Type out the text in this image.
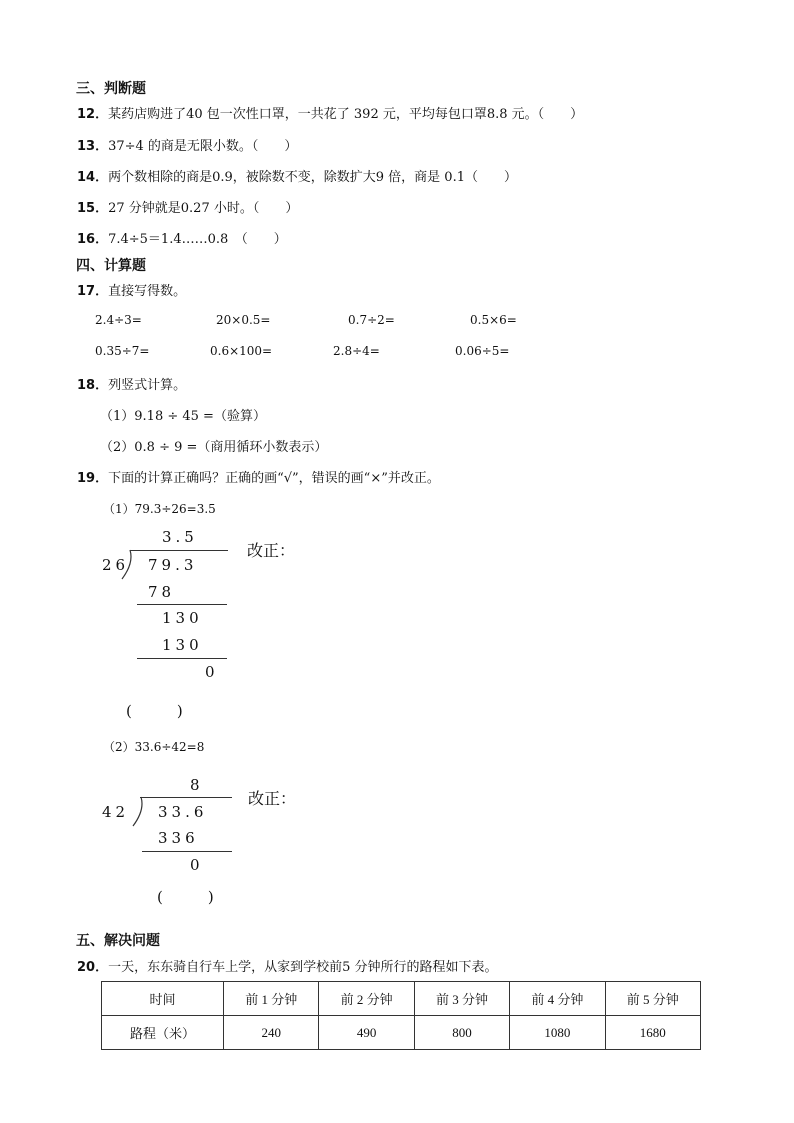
三、判断题
12．某药店购进了40 包一次性口罩，一共花了 392 元，平均每包口罩8.8 元。（　　）
13．37÷4 的商是无限小数。（　　）
14．两个数相除的商是0.9，被除数不变，除数扩大9 倍，商是 0.1（　　）
15．27 分钟就是0.27 小时。（　　）
16．7.4÷5＝1.4……0.8　（　　）
四、计算题
17．直接写得数。
2.4÷3=	20×0.5=	0.7÷2=	0.5×6=
0.35÷7=	0.6×100=	2.8÷4=	0.06÷5=
18．列竖式计算。
（1）9.18 ÷ 45 =（验算）
（2）0.8 ÷ 9 =（商用循环小数表示）
19．下面的计算正确吗？正确的画“√”，错误的画“×”并改正。
（1）79.3÷26=3.5
3.5
26 79.3
78
130
130
0
改正：
(　　　)
（2）33.6÷42=8
8
42 33.6
336
0
改正：
(　　　)
五、解决问题
20．一天，东东骑自行车上学，从家到学校前5 分钟所行的路程如下表。
时间	前 1 分钟	前 2 分钟	前 3 分钟	前 4 分钟	前 5 分钟
路程（米）	240	490	800	1080	1680
